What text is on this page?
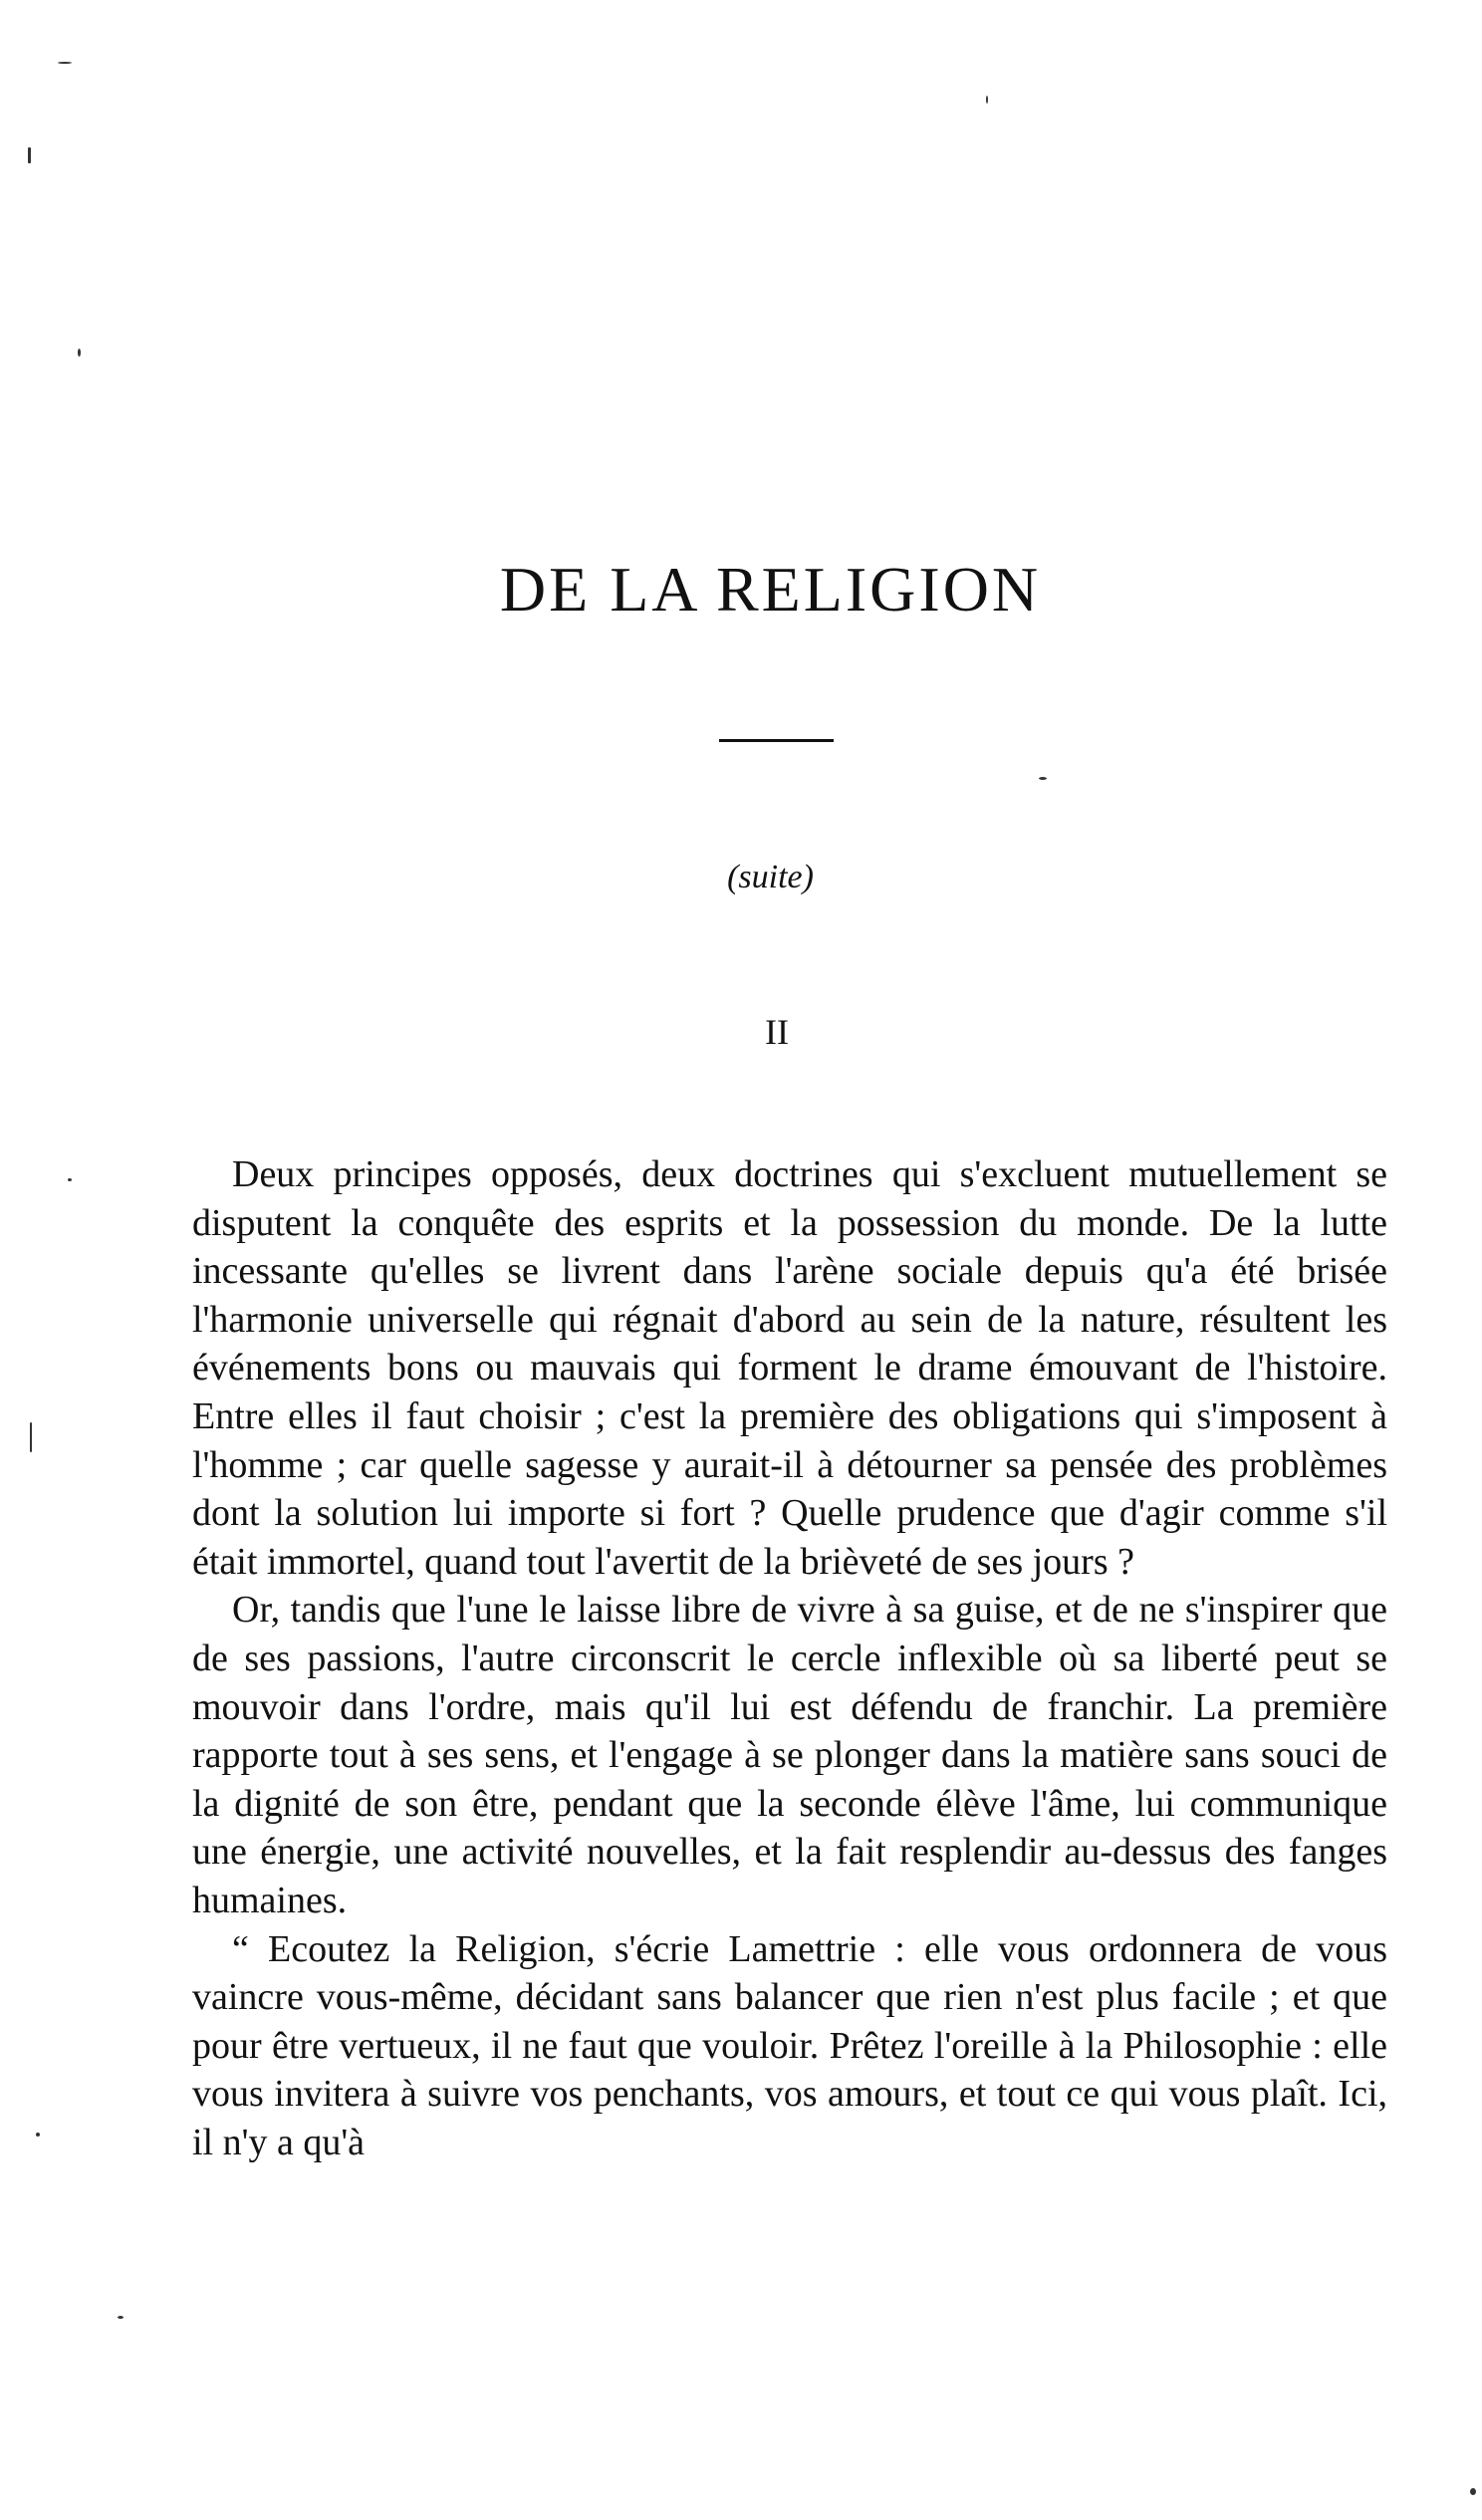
DE LA RELIGION
(suite)
II

Deux principes opposés, deux doctrines qui s'excluent mutuellement se disputent la conquête des esprits et la possession du monde. De la lutte incessante qu'elles se livrent dans l'arène sociale depuis qu'a été brisée l'harmonie universelle qui régnait d'abord au sein de la nature, résultent les événements bons ou mauvais qui forment le drame émouvant de l'histoire. Entre elles il faut choisir ; c'est la première des obligations qui s'imposent à l'homme ; car quelle sagesse y aurait-il à détourner sa pensée des problèmes dont la solution lui importe si fort ? Quelle prudence que d'agir comme s'il était immortel, quand tout l'avertit de la brièveté de ses jours ?

Or, tandis que l'une le laisse libre de vivre à sa guise, et de ne s'inspirer que de ses passions, l'autre circonscrit le cercle inflexible où sa liberté peut se mouvoir dans l'ordre, mais qu'il lui est défendu de franchir. La première rapporte tout à ses sens, et l'engage à se plonger dans la matière sans souci de la dignité de son être, pendant que la seconde élève l'âme, lui communique une énergie, une activité nouvelles, et la fait resplendir au-dessus des fanges humaines.

“ Ecoutez la Religion, s'écrie Lamettrie : elle vous ordonnera de vous vaincre vous-même, décidant sans balancer que rien n'est plus facile ; et que pour être vertueux, il ne faut que vouloir. Prêtez l'oreille à la Philosophie : elle vous invitera à suivre vos penchants, vos amours, et tout ce qui vous plaît. Ici, il n'y a qu'à
